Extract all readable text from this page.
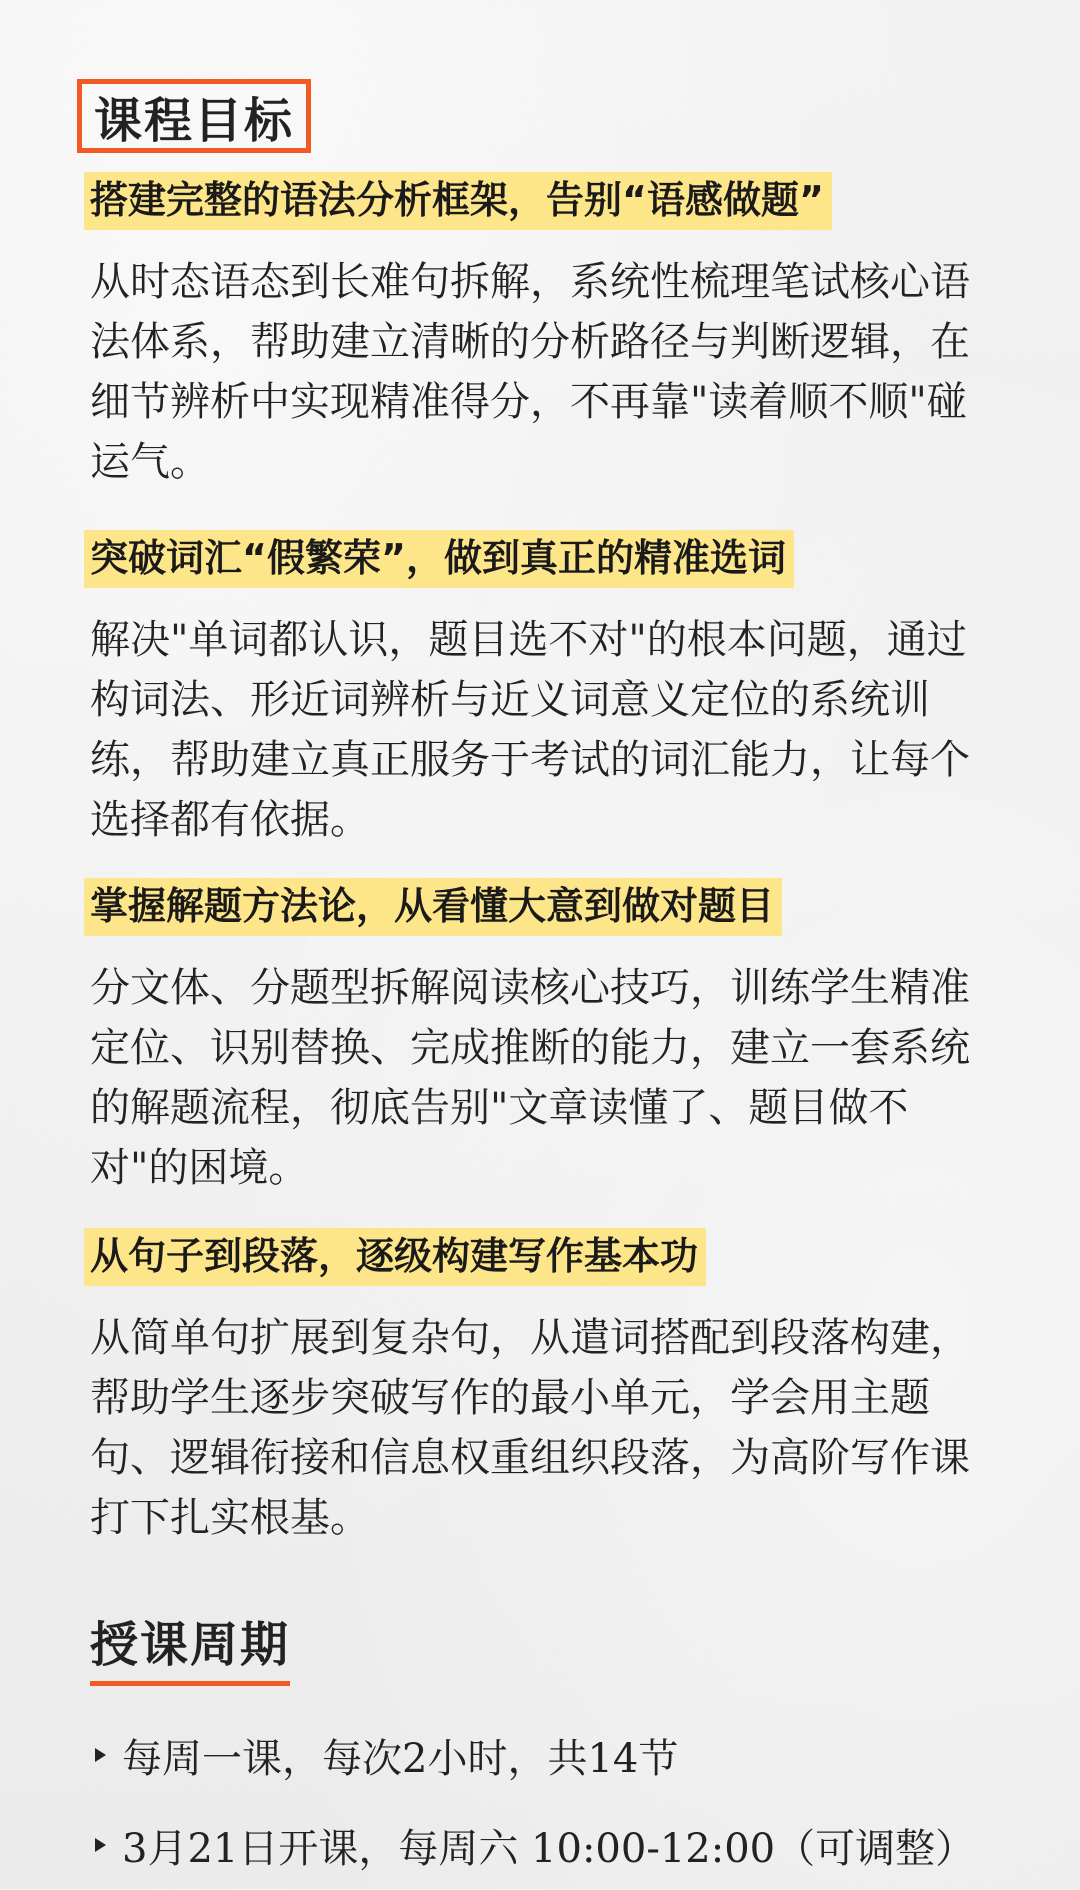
课程目标
搭建完整的语法分析框架，告别“语感做题”
从时态语态到长难句拆解，系统性梳理笔试核心语法体系，帮助建立清晰的分析路径与判断逻辑，在细节辨析中实现精准得分，不再靠"读着顺不顺"碰运气。
突破词汇“假繁荣”，做到真正的精准选词
解决"单词都认识，题目选不对"的根本问题，通过构词法、形近词辨析与近义词意义定位的系统训练，帮助建立真正服务于考试的词汇能力，让每个选择都有依据。
掌握解题方法论，从看懂大意到做对题目
分文体、分题型拆解阅读核心技巧，训练学生精准定位、识别替换、完成推断的能力，建立一套系统的解题流程，彻底告别"文章读懂了、题目做不对"的困境。
从句子到段落，逐级构建写作基本功
从简单句扩展到复杂句，从遣词搭配到段落构建，帮助学生逐步突破写作的最小单元，学会用主题句、逻辑衔接和信息权重组织段落，为高阶写作课打下扎实根基。
授课周期
每周一课，每次2小时，共14节
3月21日开课，每周六 10:00-12:00（可调整）
